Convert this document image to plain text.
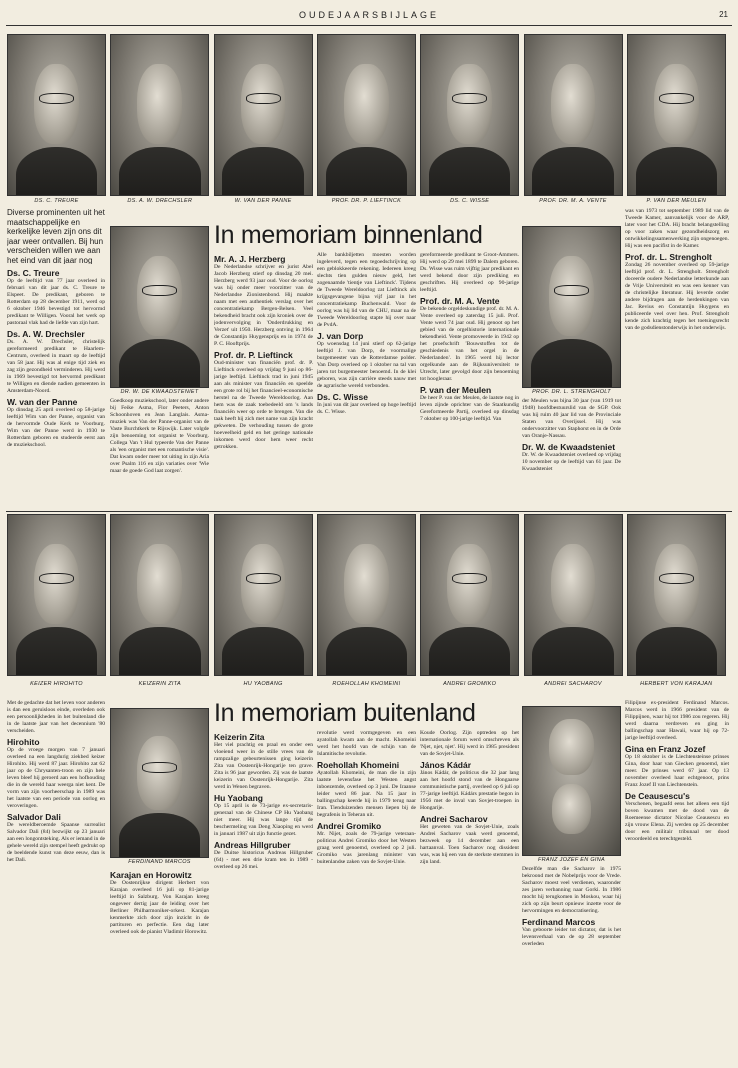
OUDEJAARSBIJLAGE	21
DS. C. TREURE	DS. A. W. DRECHSLER	W. VAN DER PANNE	PROF. DR. P. LIEFTINCK	DS. C. WISSE	PROF. DR. M. A. VENTE	P. VAN DER MEULEN
Diverse prominenten uit het maatschappelijke en kerkelijke leven zijn ons dit jaar weer ontvallen. Bij hun verscheiden willen we aan het eind van dit jaar nog
Ds. C. Treure

Op de leeftijd van 77 jaar overleed in februari van dit jaar ds. C. Treure te Elspeet. De predikant, geboren te Rotterdam op 28 december 1911, werd op 6 oktober 1946 bevestigd tot hervormd predikant te Willigen. Vooral het werk op pastoraal vlak had de liefde van zijn hart.

Ds. A. W. Drechsler

Ds. A. W. Drechsler, christelijk gereformeerd predikant te Haarlem-Centrum, overleed in maart op de leeftijd van 58 jaar. Hij was al enige tijd ziek en zag zijn gezondheid verminderen. Hij werd in 1969 bevestigd tot hervormd predikant te Willigen en diende nadien gemeenten in Amsterdam-Noord.

W. van der Panne

Op dinsdag 25 april overleed op 58-jarige leeftijd Wim van der Panne, organist van de hervormde Oude Kerk te Voorburg. Wim van der Panne werd in 1930 te Rotterdam geboren en studeerde eerst aan de muziekschool.

DR. W. DE KWAADSTENIET
Goedkoop muziekschool, later onder andere bij Feike Asma, Flor Peeters, Anton Schoonhoven en Jean Langlais. Asma-muziek was Van der Panne-organist van de Vaste Burchtkerk te Rijswijk. Later volgde zijn benoeming tot organist te Voorburg. Collega Van 't Hul typeerde Van der Panne als 'een organist met een romantische visie'. Dat kwam onder meer tot uiting in zijn Aria over Psalm 116 en zijn variaties over 'Wie maar de goede God laat zorgen'.
In memoriam binnenland
Mr. A. J. Herzberg

De Nederlandse schrijver en jurist Abel Jacob Herzberg stierf op dinsdag 20 mei. Herzberg werd 93 jaar oud. Voor de oorlog was hij onder meer voorzitter van de Nederlandse Zionistenbond. Hij maakte naam met een authentiek verslag over het concentratiekamp Bergen-Belsen. Veel bekendheid bracht ook zijn kroniek over de jodenvervolging in 'Onderdrukking en Verzet' uit 1950. Herzberg ontving in 1964 de Constantijn Huygensprijs en in 1974 de P. C. Hooftprijs.

Prof. dr. P. Lieftinck

Oud-minister van financiën prof. dr. P. Lieftinck overleed op vrijdag 9 juni op 86-jarige leeftijd. Lieftinck trad in juni 1945 aan als minister van financiën en speelde een grote rol bij het financieel-economische herstel na de Tweede Wereldoorlog. Aan hem was de zaak toebedeeld om 's lands financiën weer op orde te brengen. Van die taak heeft hij zich met name van zijn kracht gekweten. De verhouding tussen de grote hoeveelheid geld en het geringe nationale inkomen werd door hem weer recht getrokken.

Alle bankbiljetten moesten worden ingeleverd, tegen een tegoedschrijving op een geblokkeerde rekening. Iedereen kreeg slechts tien gulden nieuw geld, het zogenaamde 'tientje van Lieftinck'. Tijdens de Tweede Wereldoorlog zat Lieftinck als krijgsgevangene bijna vijf jaar in het concentratiekamp Buchenwald. Voor de oorlog was hij lid van de CHU, maar na de Tweede Wereldoorlog stapte hij over naar de PvdA.

J. van Dorp

Op woensdag 14 juni stierf op 62-jarige leeftijd J. van Dorp, de voormalige burgemeester van de Rotterdamse polder. Van Dorp overleed op 1 oktober na tal van jaren tot burgemeester benoemd. In de klei geboren, was zijn carrière steeds nauw met de agrarische wereld verbonden.

Ds. C. Wisse

In juni van dit jaar overleed op hoge leeftijd ds. C. Wisse.

gereformeerde predikant te Groot-Ammers. Hij werd op 29 mei 1899 te Dalem geboren. Ds. Wisse was ruim vijftig jaar predikant en werd bekend door zijn prediking en geschriften. Hij overleed op 90-jarige leeftijd.

Prof. dr. M. A. Vente

De bekende orgeldeskundige prof. dr. M. A. Vente overleed op zaterdag 15 juli. Prof. Vente werd 74 jaar oud. Hij genoot op het gebied van de orgelhistorie internationale bekendheid. Vente promoveerde in 1942 op het proefschrift 'Bouwstoffen tot de geschiedenis van het orgel in de Nederlanden'. In 1965 werd hij lector orgelkunde aan de Rijksuniversiteit te Utrecht, later gevolgd door zijn benoeming tot hoogleraar.

P. van der Meulen

De heer P. van der Meulen, de laatste nog in leven zijnde oprichter van de Staatkundig Gereformeerde Partij, overleed op dinsdag 7 oktober op 100-jarige leeftijd. Van

PROF. DR. L. STRENGHOLT

der Meulen was bijna 30 jaar (van 1919 tot 1948) hoofdbestuurslid van de SGP. Ook was hij ruim 40 jaar lid van de Provinciale Staten van Overijssel. Hij was ondervoorzitter van Staphorst en in de Orde van Oranje-Nassau.

Dr. W. de Kwaadsteniet

Dr. W. de Kwaadsteniet overleed op vrijdag 10 november op de leeftijd van 61 jaar. De Kwaadsteniet

was van 1973 tot september 1989 lid van de Tweede Kamer, aanvankelijk voor de ARP, later voor het CDA. Hij bracht belangstelling op voor zaken waar gezondheidszorg en ontwikkelingssamenwerking zijn ongenoegen. Hij was een pacifist in de Kamer.

Prof. dr. L. Strengholt

Zondag 26 november overleed op 59-jarige leeftijd prof. dr. L. Strengholt. Strengholt doceerde oudere Nederlandse letterkunde aan de Vrije Universiteit en was een kenner van de christelijke literatuur. Hij leverde onder andere bijdragen aan de herdenkingen van Jac. Revius en Constantijn Huygens en publiceerde veel over hen. Prof. Strengholt kende zich krachtig tegen het toetsingsrecht van de godsdienstonderwijs in het onderwijs.

KEIZER HIROHITO	KEIZERIN ZITA	HU YAOBANG	ROEHOLLAH KHOMEINI	ANDREI GROMIKO	ANDREI SACHAROV	HERBERT VON KARAJAN

Met de gedachte dat het leven voor anderen is dan een geruisloos einde, overleden ook een persoonlijkheden in het buitenland die in de laatste jaar van het decennium '80 verscheiden.

Hirohito

Op de vroege morgen van 7 januari overleed na een langdurig ziekbed keizer Hirohito. Hij werd 87 jaar. Hirohito zat 62 jaar op de Chrysanten-troon en zijn hele leven bleef hij geroerd aan een hofhouding die in de wereld haar weerga niet kent. De vorm van zijn voorheerschap in 1989 was het laatste van een periode van oorlog en veroveringen.

Salvador Dali

De wereldberoemde Spaanse surrealist Salvador Dali (84) bezwijkt op 23 januari aan een longontsteking. Als er iemand in de gehele wereld zijn stempel heeft gedrukt op de beeldende kunst van deze eeuw, dan is het Dali.

In memoriam buitenland
FERDINAND MARCOS
Karajan en Horowitz

De Oostenrijkse dirigent Herbert von Karajan overleed 16 juli op 81-jarige leeftijd in Salzburg. Von Karajan kreeg ongeveer dertig jaar de leiding over het Berliner Philharmoniker-orkest. Karajan kenmerkte zich door zijn inzicht in de partituren en perfectie. Een dag later overleed ook de pianist Vladimir Horowitz.

Keizerin Zita

Het viel prachtig en praal en onder een vloeiend weer in de stille vrees van de rampzalige gebeurtenissen ging keizerin Zita van Oostenrijk-Hongarije ten grave. Zita is 96 jaar geworden. Zij was de laatste keizerin van Oostenrijk-Hongarije. Zita werd in Wenen begraven.

Hu Yaobang

Op 15 april is de 73-jarige ex-secretaris-generaal van de Chinese CP Hu Yaobang niet meer. Hij was lange tijd de beschermeling van Deng Xiaoping en werd in januari 1987 uit zijn functie gezet.

Andreas Hillgruber

De Duitse historicus Andreas Hillgruber (64) - met een drie kram ten in 1989 - overleed op 26 mei.

revolutie werd vormgegeven en een ayatollah kwam aan de macht. Khomeini werd het hoofd van de schijn van de Islamitische revolutie.

Roehollah Khomeini

Ayatollah Khomeini, de man die in zijn laatste levensfase het Westen angst inboezemde, overleed op 3 juni. De Iraanse leider werd 86 jaar. Na 15 jaar in ballingschap keerde hij in 1979 terug naar Iran. Tienduizenden mensen liepen bij de begrafenis in Teheran uit.

Andrei Gromiko

Mr. Nijet, zoals de 79-jarige veteraan-politicus Andrei Gromiko door het Westen graag werd genoemd, overleed op 2 juli. Gromiko was jarenlang minister van buitenlandse zaken van de Sovjet-Unie.

Koude Oorlog. Zijn optreden op het internationale forum werd omschreven als 'Njet, njet, njet'. Hij werd in 1985 president van de Sovjet-Unie.

János Kádár

János Kádár, de politicus die 32 jaar lang aan het hoofd stond van de Hongaarse communistische partij, overleed op 6 juli op 77-jarige leeftijd. Kádárs prestatie begon in 1956 met de inval van Sovjet-troepen in Hongarije.

Andrei Sacharov

Het geweten van de Sovjet-Unie, zoals Andrei Sacharov vaak werd genoemd, bezweek op 14 december aan een hartaanval. Toen Sacharov nog dissident was, was hij een van de sterkste stemmen in zijn land.	FRANZ JOZEF EN GINA

Dezelfde man die Sacharov in 1975 bekroond met de Nobelprijs voor de Vrede. Sacharov moest veel verdienen, waaronder zes jaren verbanning naar Gorki. In 1986 mocht hij terugkomen in Moskou, waar hij zich op zijn beurt opnieuw inzette voor de hervormingen en democratisering.

Ferdinand Marcos

Van geboorte leider tot dictator, dat is het levensverhaal van de op 28 september overleden

Filipijnse ex-president Ferdinand Marcos. Marcos werd in 1966 president van de Filippijnen, waar hij tot 1986 zou regeren. Hij werd daarna verdreven en ging in ballingschap naar Hawaii, waar hij op 72-jarige leeftijd overleed.

Gina en Franz Jozef

Op 18 oktober is de Liechtensteinse prinses Gina, door haar van Giecken genoemd, niet meer. De prinses werd 67 jaar. Op 13 november overleed haar echtgenoot, prins Franz Jozef II van Liechtenstein.

De Ceausescu's

Verschenen, begaafd eens het alleen een tijd boven kwamen met de dood van de Roemeense dictator Nicolae Ceausescu en zijn vrouw Elena. Zij werden op 25 december door een militair tribunaal ter dood veroordeeld en terechtgesteld.
